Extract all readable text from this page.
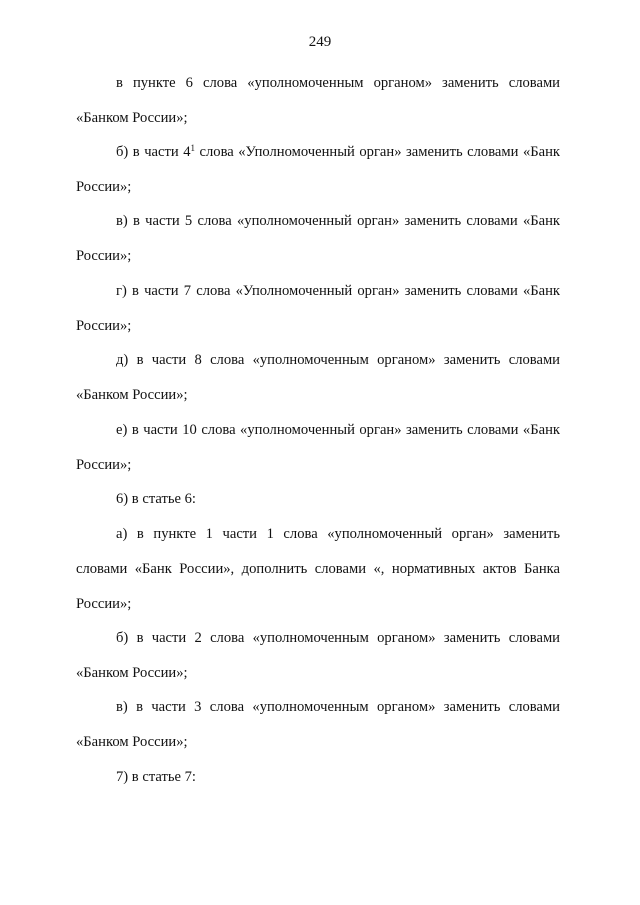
249

в пункте 6 слова «уполномоченным органом» заменить словами «Банком России»;

б) в части $4^1$ слова «Уполномоченный орган» заменить словами «Банк России»;

в) в части 5 слова «уполномоченный орган» заменить словами «Банк России»;

г) в части 7 слова «Уполномоченный орган» заменить словами «Банк России»;

д) в части 8 слова «уполномоченным органом» заменить словами «Банком России»;

е) в части 10 слова «уполномоченный орган» заменить словами «Банк России»;

6) в статье 6:

а) в пункте 1 части 1 слова «уполномоченный орган» заменить словами «Банк России», дополнить словами «, нормативных актов Банка России»;

б) в части 2 слова «уполномоченным органом» заменить словами «Банком России»;

в) в части 3 слова «уполномоченным органом» заменить словами «Банком России»;

7) в статье 7:
